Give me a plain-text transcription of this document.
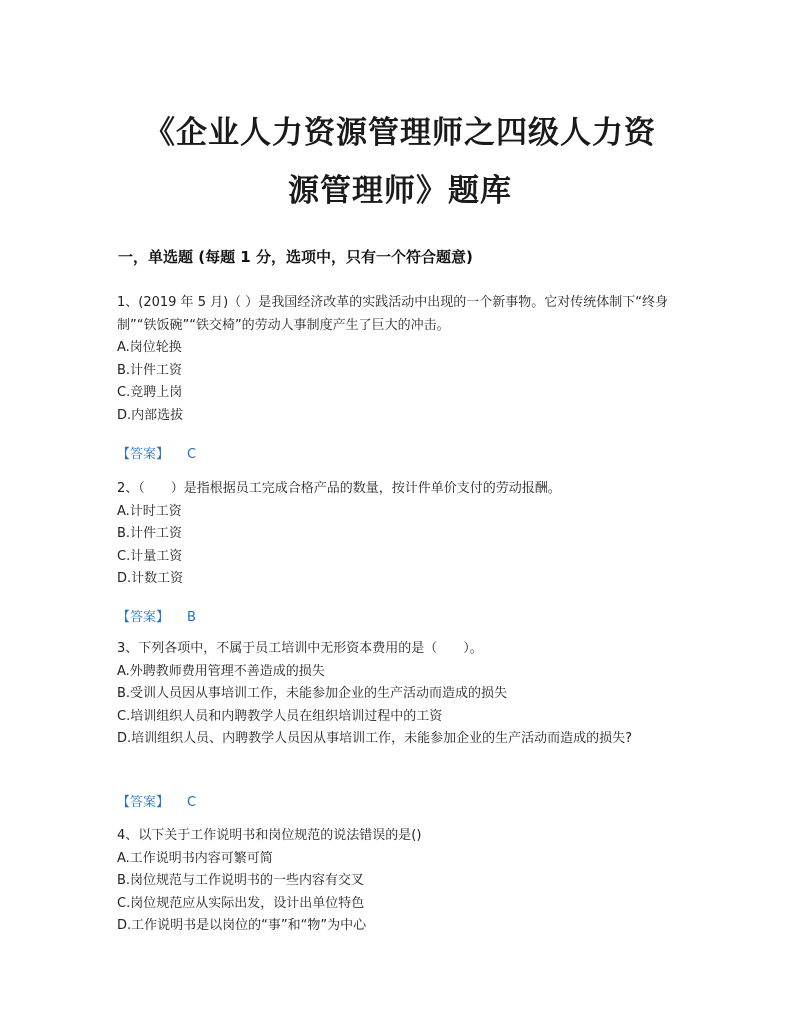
《企业人力资源管理师之四级人力资
源管理师》题库
一，单选题 (每题 1 分，选项中，只有一个符合题意)

1、(2019 年 5 月)（ ）是我国经济改革的实践活动中出现的一个新事物。它对传统体制下“终身制”“铁饭碗”“铁交椅”的劳动人事制度产生了巨大的冲击。

A.岗位轮换

B.计件工资

C.竞聘上岗

D.内部选拔

【答案】 C

2、（　　）是指根据员工完成合格产品的数量，按计件单价支付的劳动报酬。

A.计时工资

B.计件工资

C.计量工资

D.计数工资

【答案】 B

3、下列各项中，不属于员工培训中无形资本费用的是（　　）。

A.外聘教师费用管理不善造成的损失

B.受训人员因从事培训工作，未能参加企业的生产活动而造成的损失

C.培训组织人员和内聘教学人员在组织培训过程中的工资

D.培训组织人员、内聘教学人员因从事培训工作，未能参加企业的生产活动而造成的损失?

【答案】 C

4、以下关于工作说明书和岗位规范的说法错误的是()

A.工作说明书内容可繁可简

B.岗位规范与工作说明书的一些内容有交叉

C.岗位规范应从实际出发，设计出单位特色

D.工作说明书是以岗位的“事”和“物”为中心
